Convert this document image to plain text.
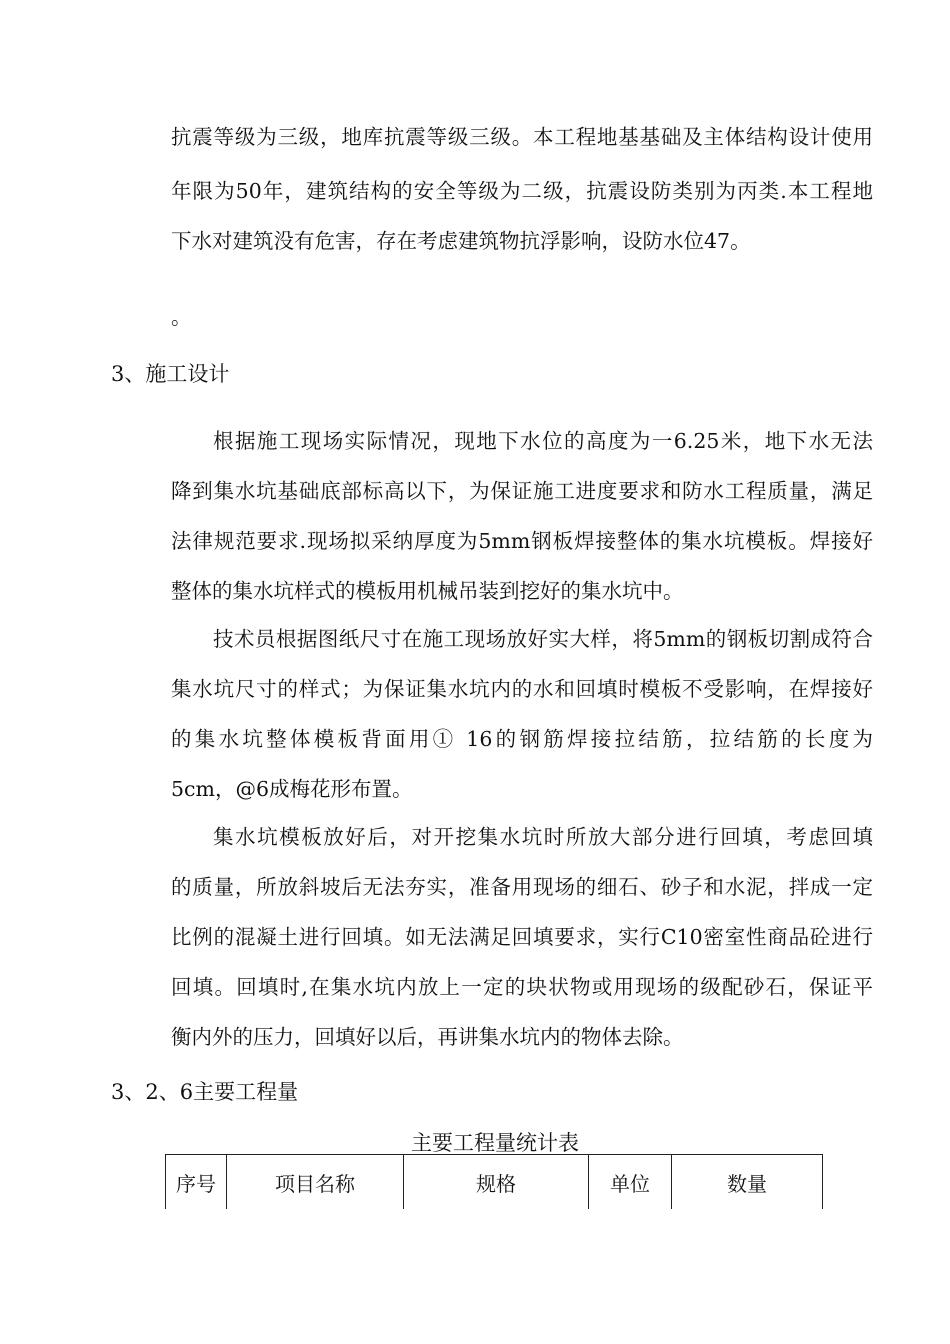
抗震等级为三级，地库抗震等级三级。本工程地基基础及主体结构设计使用
年限为50年，建筑结构的安全等级为二级，抗震设防类别为丙类.本工程地
下水对建筑没有危害，存在考虑建筑物抗浮影响，设防水位47。
。
3、施工设计
根据施工现场实际情况，现地下水位的高度为一6.25米，地下水无法
降到集水坑基础底部标高以下，为保证施工进度要求和防水工程质量，满足
法律规范要求.现场拟采纳厚度为5mm钢板焊接整体的集水坑模板。焊接好
整体的集水坑样式的模板用机械吊装到挖好的集水坑中。
技术员根据图纸尺寸在施工现场放好实大样，将5mm的钢板切割成符合
集水坑尺寸的样式；为保证集水坑内的水和回填时模板不受影响，在焊接好
的集水坑整体模板背面用① 16的钢筋焊接拉结筋，拉结筋的长度为
5cm，@6成梅花形布置。
集水坑模板放好后，对开挖集水坑时所放大部分进行回填，考虑回填
的质量，所放斜坡后无法夯实，准备用现场的细石、砂子和水泥，拌成一定
比例的混凝土进行回填。如无法满足回填要求，实行C10密室性商品砼进行
回填。回填时,在集水坑内放上一定的块状物或用现场的级配砂石，保证平
衡内外的压力，回填好以后，再讲集水坑内的物体去除。
3、2、6主要工程量
主要工程量统计表
序号	项目名称	规格	单位	数量
